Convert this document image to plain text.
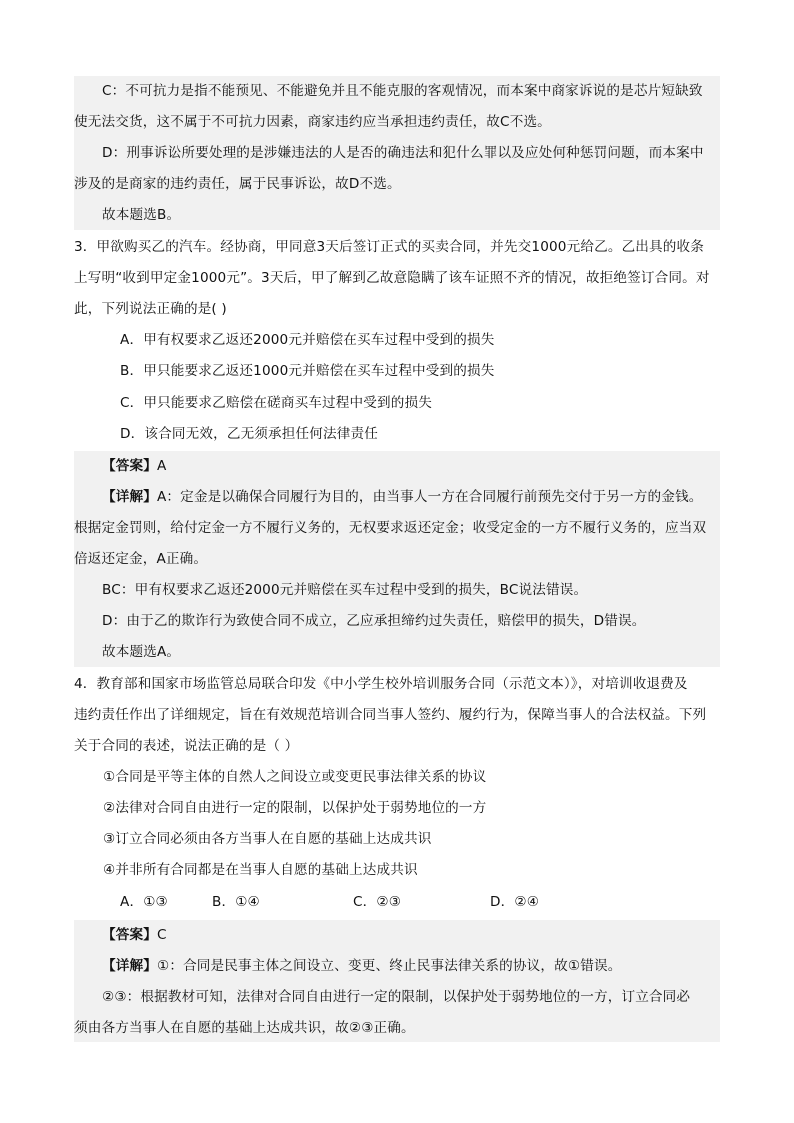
C：不可抗力是指不能预见、不能避免并且不能克服的客观情况，而本案中商家诉说的是芯片短缺致
使无法交货，这不属于不可抗力因素，商家违约应当承担违约责任，故C不选。
D：刑事诉讼所要处理的是涉嫌违法的人是否的确违法和犯什么罪以及应处何种惩罚问题，而本案中
涉及的是商家的违约责任，属于民事诉讼，故D不选。
故本题选B。
3．甲欲购买乙的汽车。经协商，甲同意3天后签订正式的买卖合同，并先交1000元给乙。乙出具的收条
上写明“收到甲定金1000元”。3天后，甲了解到乙故意隐瞒了该车证照不齐的情况，故拒绝签订合同。对
此，下列说法正确的是( )
A．甲有权要求乙返还2000元并赔偿在买车过程中受到的损失
B．甲只能要求乙返还1000元并赔偿在买车过程中受到的损失
C．甲只能要求乙赔偿在磋商买车过程中受到的损失
D．该合同无效，乙无须承担任何法律责任
【答案】A
【详解】A：定金是以确保合同履行为目的，由当事人一方在合同履行前预先交付于另一方的金钱。
根据定金罚则，给付定金一方不履行义务的，无权要求返还定金；收受定金的一方不履行义务的，应当双
倍返还定金，A正确。
BC：甲有权要求乙返还2000元并赔偿在买车过程中受到的损失，BC说法错误。
D：由于乙的欺诈行为致使合同不成立，乙应承担缔约过失责任，赔偿甲的损失，D错误。
故本题选A。
4．教育部和国家市场监管总局联合印发《中小学生校外培训服务合同（示范文本）》，对培训收退费及
违约责任作出了详细规定，旨在有效规范培训合同当事人签约、履约行为，保障当事人的合法权益。下列
关于合同的表述，说法正确的是（ ）
①合同是平等主体的自然人之间设立或变更民事法律关系的协议
②法律对合同自由进行一定的限制，以保护处于弱势地位的一方
③订立合同必须由各方当事人在自愿的基础上达成共识
④并非所有合同都是在当事人自愿的基础上达成共识
A．①③	B．①④	C．②③	D．②④
【答案】C
【详解】①：合同是民事主体之间设立、变更、终止民事法律关系的协议，故①错误。
②③：根据教材可知，法律对合同自由进行一定的限制，以保护处于弱势地位的一方，订立合同必
须由各方当事人在自愿的基础上达成共识，故②③正确。
